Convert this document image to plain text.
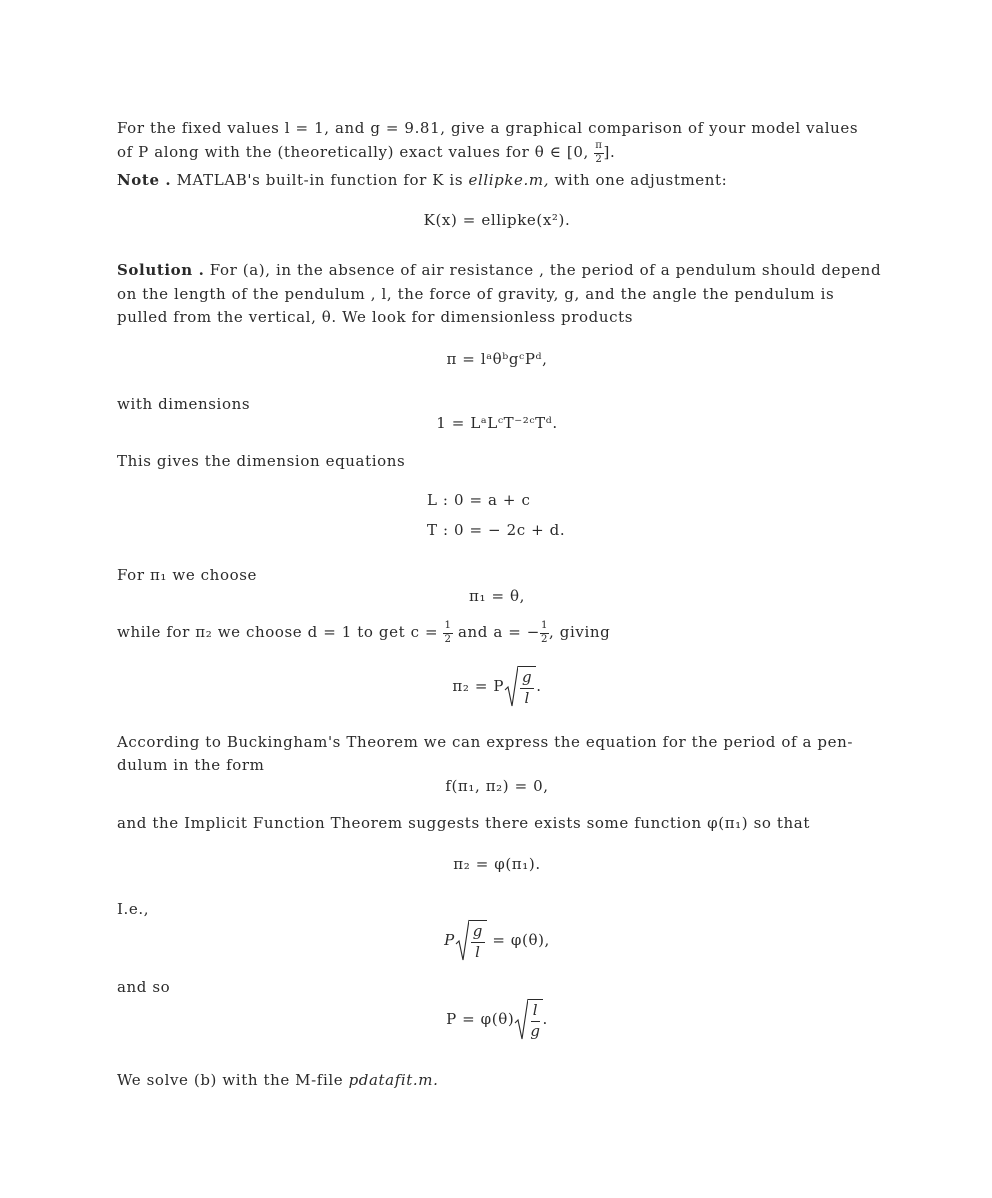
For the fixed values l = 1, and g = 9.81, give a graphical comparison of your model values
of P along with the (theoretically) exact values for θ ∈ [0, $\frac{\pi}{2}$ ].
Note . MATLAB's built-in function for K is ellipke.m, with one adjustment:
K(x) = ellipke(x²).
Solution . For (a), in the absence of air resistance , the period of a pendulum should depend
on the length of the pendulum , l, the force of gravity, g, and the angle the pendulum is
pulled from the vertical, θ. We look for dimensionless products
π = lᵃθᵇgᶜPᵈ,
with dimensions
1 = LᵃLᶜT⁻²ᶜTᵈ.
This gives the dimension equations
L : 0 = a + c
T : 0 = − 2c + d.
For π₁ we choose
π₁ = θ,
while for π₂ we choose d = 1 to get $c = \frac{1}{2}$ and a = − $\frac{1}{2}$ , giving
π₂ = P $\frac{g}{l}$ .
According to Buckingham's Theorem we can express the equation for the period of a pen-
dulum in the form
f(π₁, π₂) = 0,
and the Implicit Function Theorem suggests there exists some function φ(π₁) so that
π₂ = φ(π₁).
I.e.,
P $\frac{g}{l} = \varphi(\theta)$,
and so
$P = \varphi(\theta) \frac{l}{g}$ .
We solve (b) with the M-file pdatafit.m.
